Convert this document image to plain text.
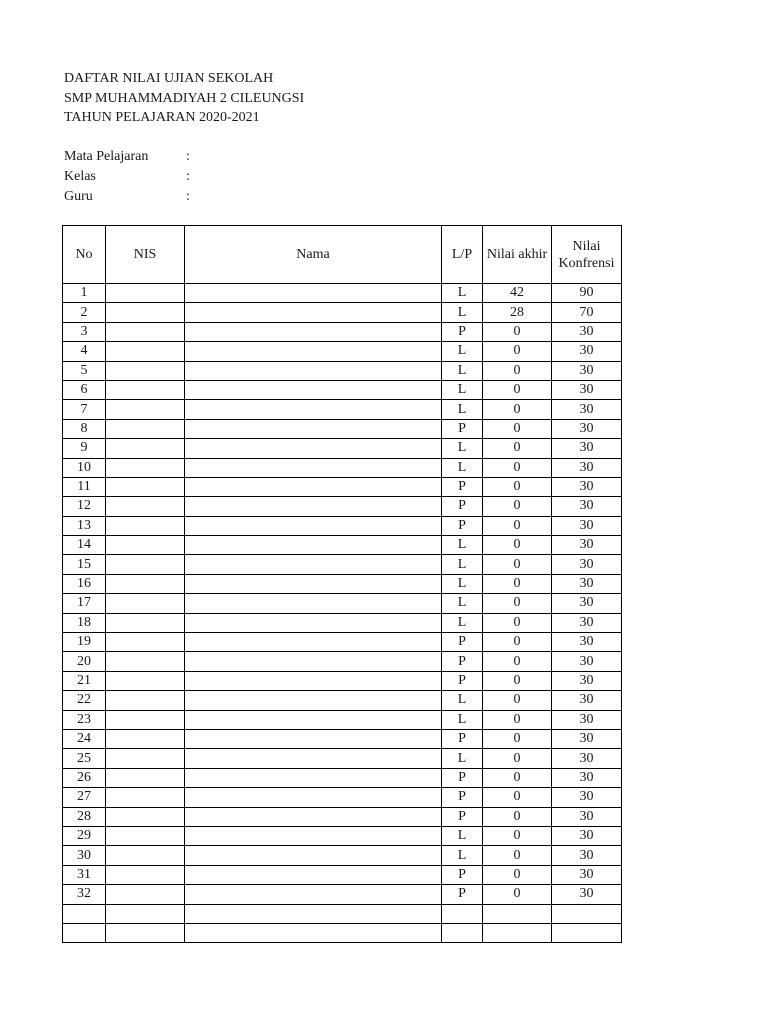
DAFTAR NILAI UJIAN SEKOLAH
SMP MUHAMMADIYAH 2 CILEUNGSI
TAHUN PELAJARAN 2020-2021
Mata Pelajaran	:
Kelas	:
Guru	:
No	NIS	Nama	L/P	Nilai akhir	Nilai Konfrensi
1			L	42	90
2			L	28	70
3			P	0	30
4			L	0	30
5			L	0	30
6			L	0	30
7			L	0	30
8			P	0	30
9			L	0	30
10			L	0	30
11			P	0	30
12			P	0	30
13			P	0	30
14			L	0	30
15			L	0	30
16			L	0	30
17			L	0	30
18			L	0	30
19			P	0	30
20			P	0	30
21			P	0	30
22			L	0	30
23			L	0	30
24			P	0	30
25			L	0	30
26			P	0	30
27			P	0	30
28			P	0	30
29			L	0	30
30			L	0	30
31			P	0	30
32			P	0	30
